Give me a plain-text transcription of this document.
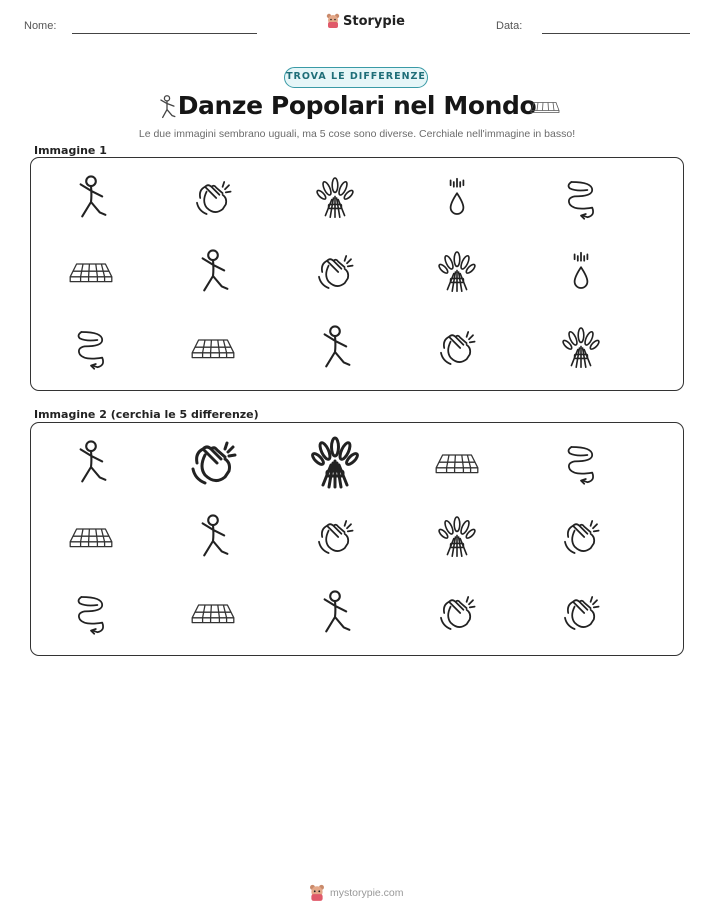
Nome:	Storypie	Data:
TROVA LE DIFFERENZE
Danze Popolari nel Mondo
Le due immagini sembrano uguali, ma 5 cose sono diverse. Cerchiale nell'immagine in basso!
Immagine 1
Immagine 2 (cerchia le 5 differenze)
mystorypie.com
